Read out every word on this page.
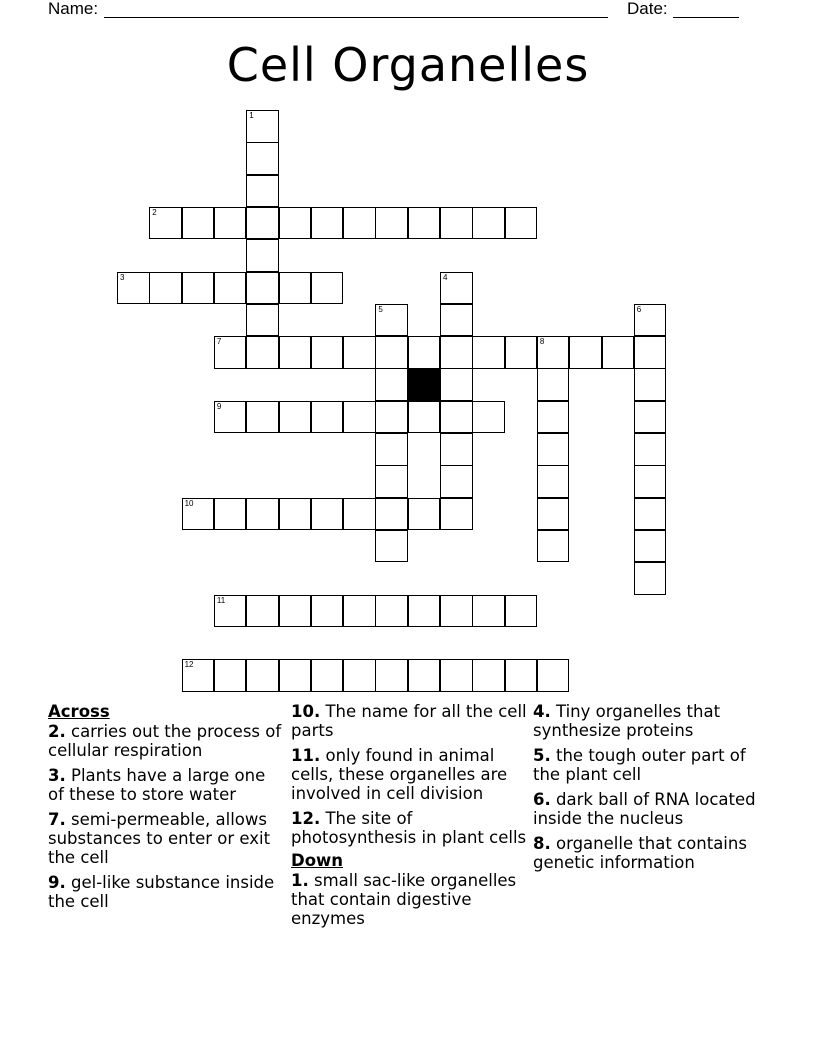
Name:	Date:
Cell Organelles
1
2
3	4
5	6
7	8
9
10
11
12
Across
2. carries out the process of cellular respiration
3. Plants have a large one of these to store water
7. semi-permeable, allows substances to enter or exit the cell
9. gel-like substance inside the cell
10. The name for all the cell parts
11. only found in animal cells, these organelles are involved in cell division
12. The site of photosynthesis in plant cells
Down
1. small sac-like organelles that contain digestive enzymes
4. Tiny organelles that synthesize proteins
5. the tough outer part of the plant cell
6. dark ball of RNA located inside the nucleus
8. organelle that contains genetic information
